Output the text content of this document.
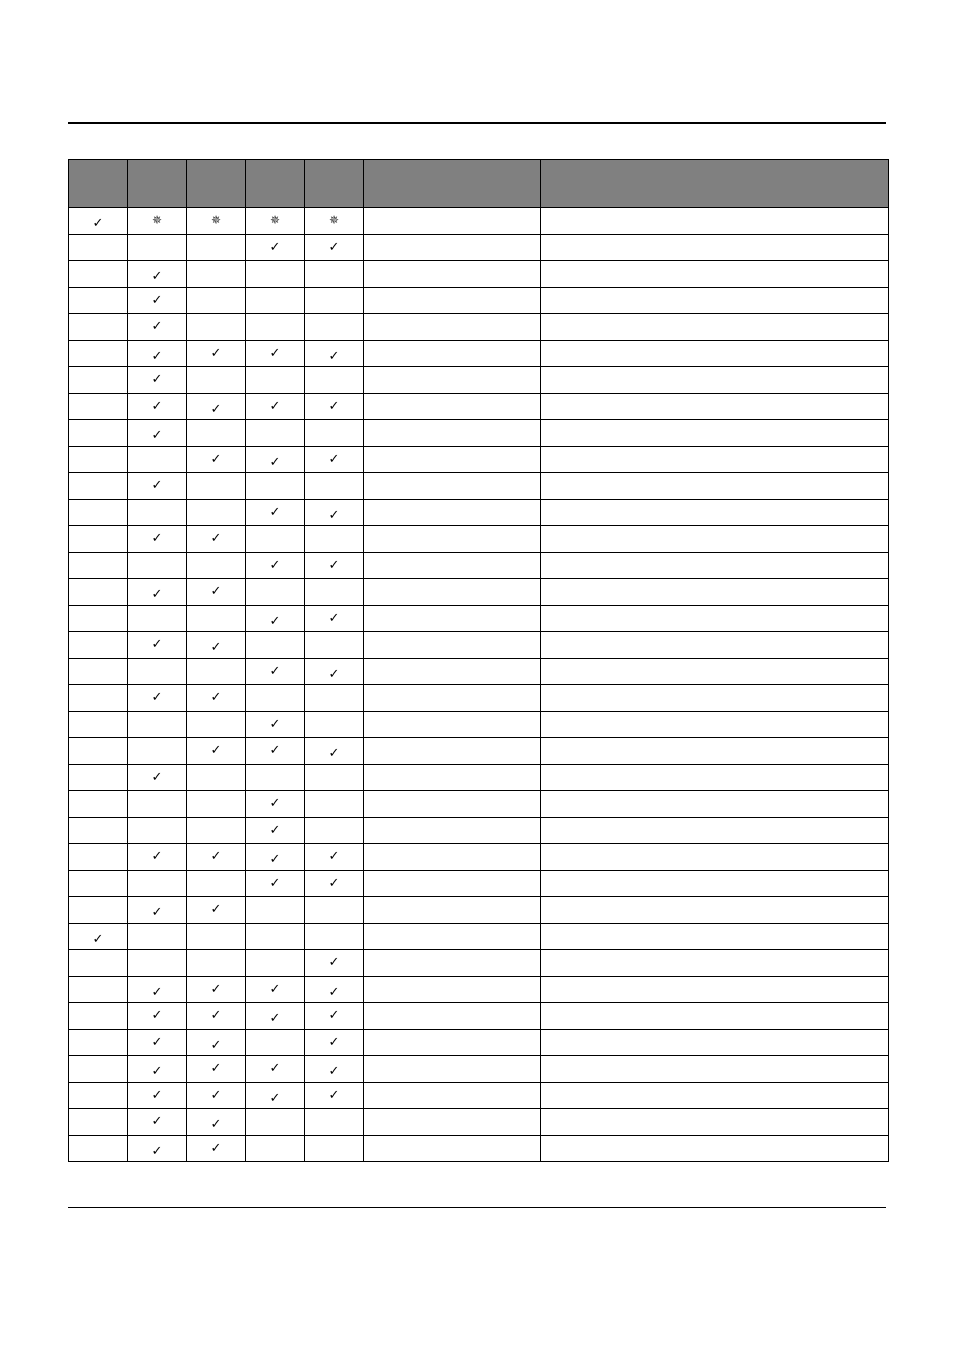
✓	✵	✵	✵	✵		
			✓	✓		
	✓					
	✓					
	✓					
	✓	✓	✓	✓		
	✓					
	✓	✓	✓	✓		
	✓					
		✓	✓	✓		
	✓					
			✓	✓		
	✓	✓				
			✓	✓		
	✓	✓				
			✓	✓		
	✓	✓				
			✓	✓		
	✓	✓				
			✓			
		✓	✓	✓		
	✓					
			✓			
			✓			
	✓	✓	✓	✓		
			✓	✓		
	✓	✓				
✓						
				✓		
	✓	✓	✓	✓		
	✓	✓	✓	✓		
	✓	✓		✓		
	✓	✓	✓	✓		
	✓	✓	✓	✓		
	✓	✓				
	✓	✓				
